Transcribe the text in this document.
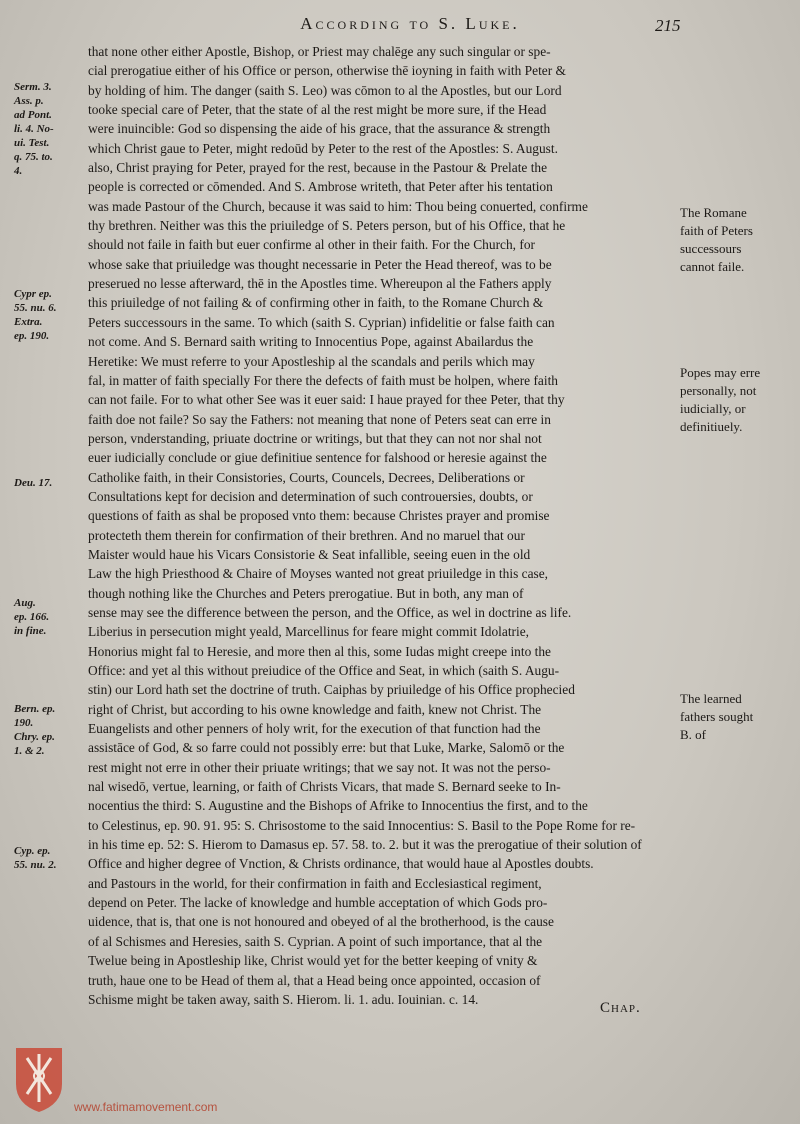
According to S. Luke.	215
that none other either Apostle, Bishop, or Priest may chalēge any such singular or spe-
cial prerogatiue either of his Office or person, otherwise thē ioyning in faith with Peter &
by holding of him. The danger (saith S. Leo) was cōmon to al the Apostles, but our Lord
tooke special care of Peter, that the state of al the rest might be more sure, if the Head
were inuincible: God so dispensing the aide of his grace, that the assurance & strength
which Christ gaue to Peter, might redoūd by Peter to the rest of the Apostles: S. August.
also, Christ praying for Peter, prayed for the rest, because in the Pastour & Prelate the
people is corrected or cōmended. And S. Ambrose writeth, that Peter after his tentation
was made Pastour of the Church, because it was said to him: Thou being conuerted, confirme
thy brethren. Neither was this the priuiledge of S. Peters person, but of his Office, that he
should not faile in faith but euer confirme al other in their faith. For the Church, for
whose sake that priuiledge was thought necessarie in Peter the Head thereof, was to be
preserued no lesse afterward, thē in the Apostles time. Whereupon al the Fathers apply
this priuiledge of not failing & of confirming other in faith, to the Romane Church &
Peters successours in the same. To which (saith S. Cyprian) infidelitie or false faith can
not come. And S. Bernard saith writing to Innocentius Pope, against Abailardus the
Heretike: We must referre to your Apostleship al the scandals and perils which may
fal, in matter of faith specially For there the defects of faith must be holpen, where faith
can not faile. For to what other See was it euer said: I haue prayed for thee Peter, that thy
faith doe not faile? So say the Fathers: not meaning that none of Peters seat can erre in
person, vnderstanding, priuate doctrine or writings, but that they can not nor shal not
euer iudicially conclude or giue definitiue sentence for falshood or heresie against the
Catholike faith, in their Consistories, Courts, Councels, Decrees, Deliberations or
Consultations kept for decision and determination of such controuersies, doubts, or
questions of faith as shal be proposed vnto them: because Christes prayer and promise
protecteth them therein for confirmation of their brethren. And no maruel that our
Maister would haue his Vicars Consistorie & Seat infallible, seeing euen in the old
Law the high Priesthood & Chaire of Moyses wanted not great priuiledge in this case,
though nothing like the Churches and Peters prerogatiue. But in both, any man of
sense may see the difference between the person, and the Office, as wel in doctrine as life.
Liberius in persecution might yeald, Marcellinus for feare might commit Idolatrie,
Honorius might fal to Heresie, and more then al this, some Iudas might creepe into the
Office: and yet al this without preiudice of the Office and Seat, in which (saith S. Augu-
stin) our Lord hath set the doctrine of truth. Caiphas by priuiledge of his Office prophecied
right of Christ, but according to his owne knowledge and faith, knew not Christ. The
Euangelists and other penners of holy writ, for the execution of that function had the
assistāce of God, & so farre could not possibly erre: but that Luke, Marke, Salomō or the
rest might not erre in other their priuate writings; that we say not. It was not the perso-
nal wisedō, vertue, learning, or faith of Christs Vicars, that made S. Bernard seeke to In-
nocentius the third: S. Augustine and the Bishops of Afrike to Innocentius the first, and to the
to Celestinus, ep. 90. 91. 95: S. Chrisostome to the said Innocentius: S. Basil to the Pope Rome for re-
in his time ep. 52: S. Hierom to Damasus ep. 57. 58. to. 2. but it was the prerogatiue of their solution of
Office and higher degree of Vnction, & Christs ordinance, that would haue al Apostles doubts.
and Pastours in the world, for their confirmation in faith and Ecclesiastical regiment,
depend on Peter. The lacke of knowledge and humble acceptation of which Gods pro-
uidence, that is, that one is not honoured and obeyed of al the brotherhood, is the cause
of al Schismes and Heresies, saith S. Cyprian. A point of such importance, that al the
Twelue being in Apostleship like, Christ would yet for the better keeping of vnity &
truth, haue one to be Head of them al, that a Head being once appointed, occasion of
Schisme might be taken away, saith S. Hierom. li. 1. adu. Iouinian. c. 14.
Serm. 3.
Ass. p.
ad Pont.
li. 4. No-
ui. Test.
q. 75. to.
4.
Cypr ep.
55. nu. 6.
Extra.
ep. 190.
Deu. 17.
Aug.
ep. 166.
in fine.
Bern. ep.
190.
Chry. ep.
1. & 2.
Cyp. ep.
55. nu. 2.
The Romane
faith of Peters
successours
cannot faile.
Popes may erre
personally, not
iudicially, or
definitiuely.
The learned
fathers sought
B. of
Chap.
www.fatimamovement.com
